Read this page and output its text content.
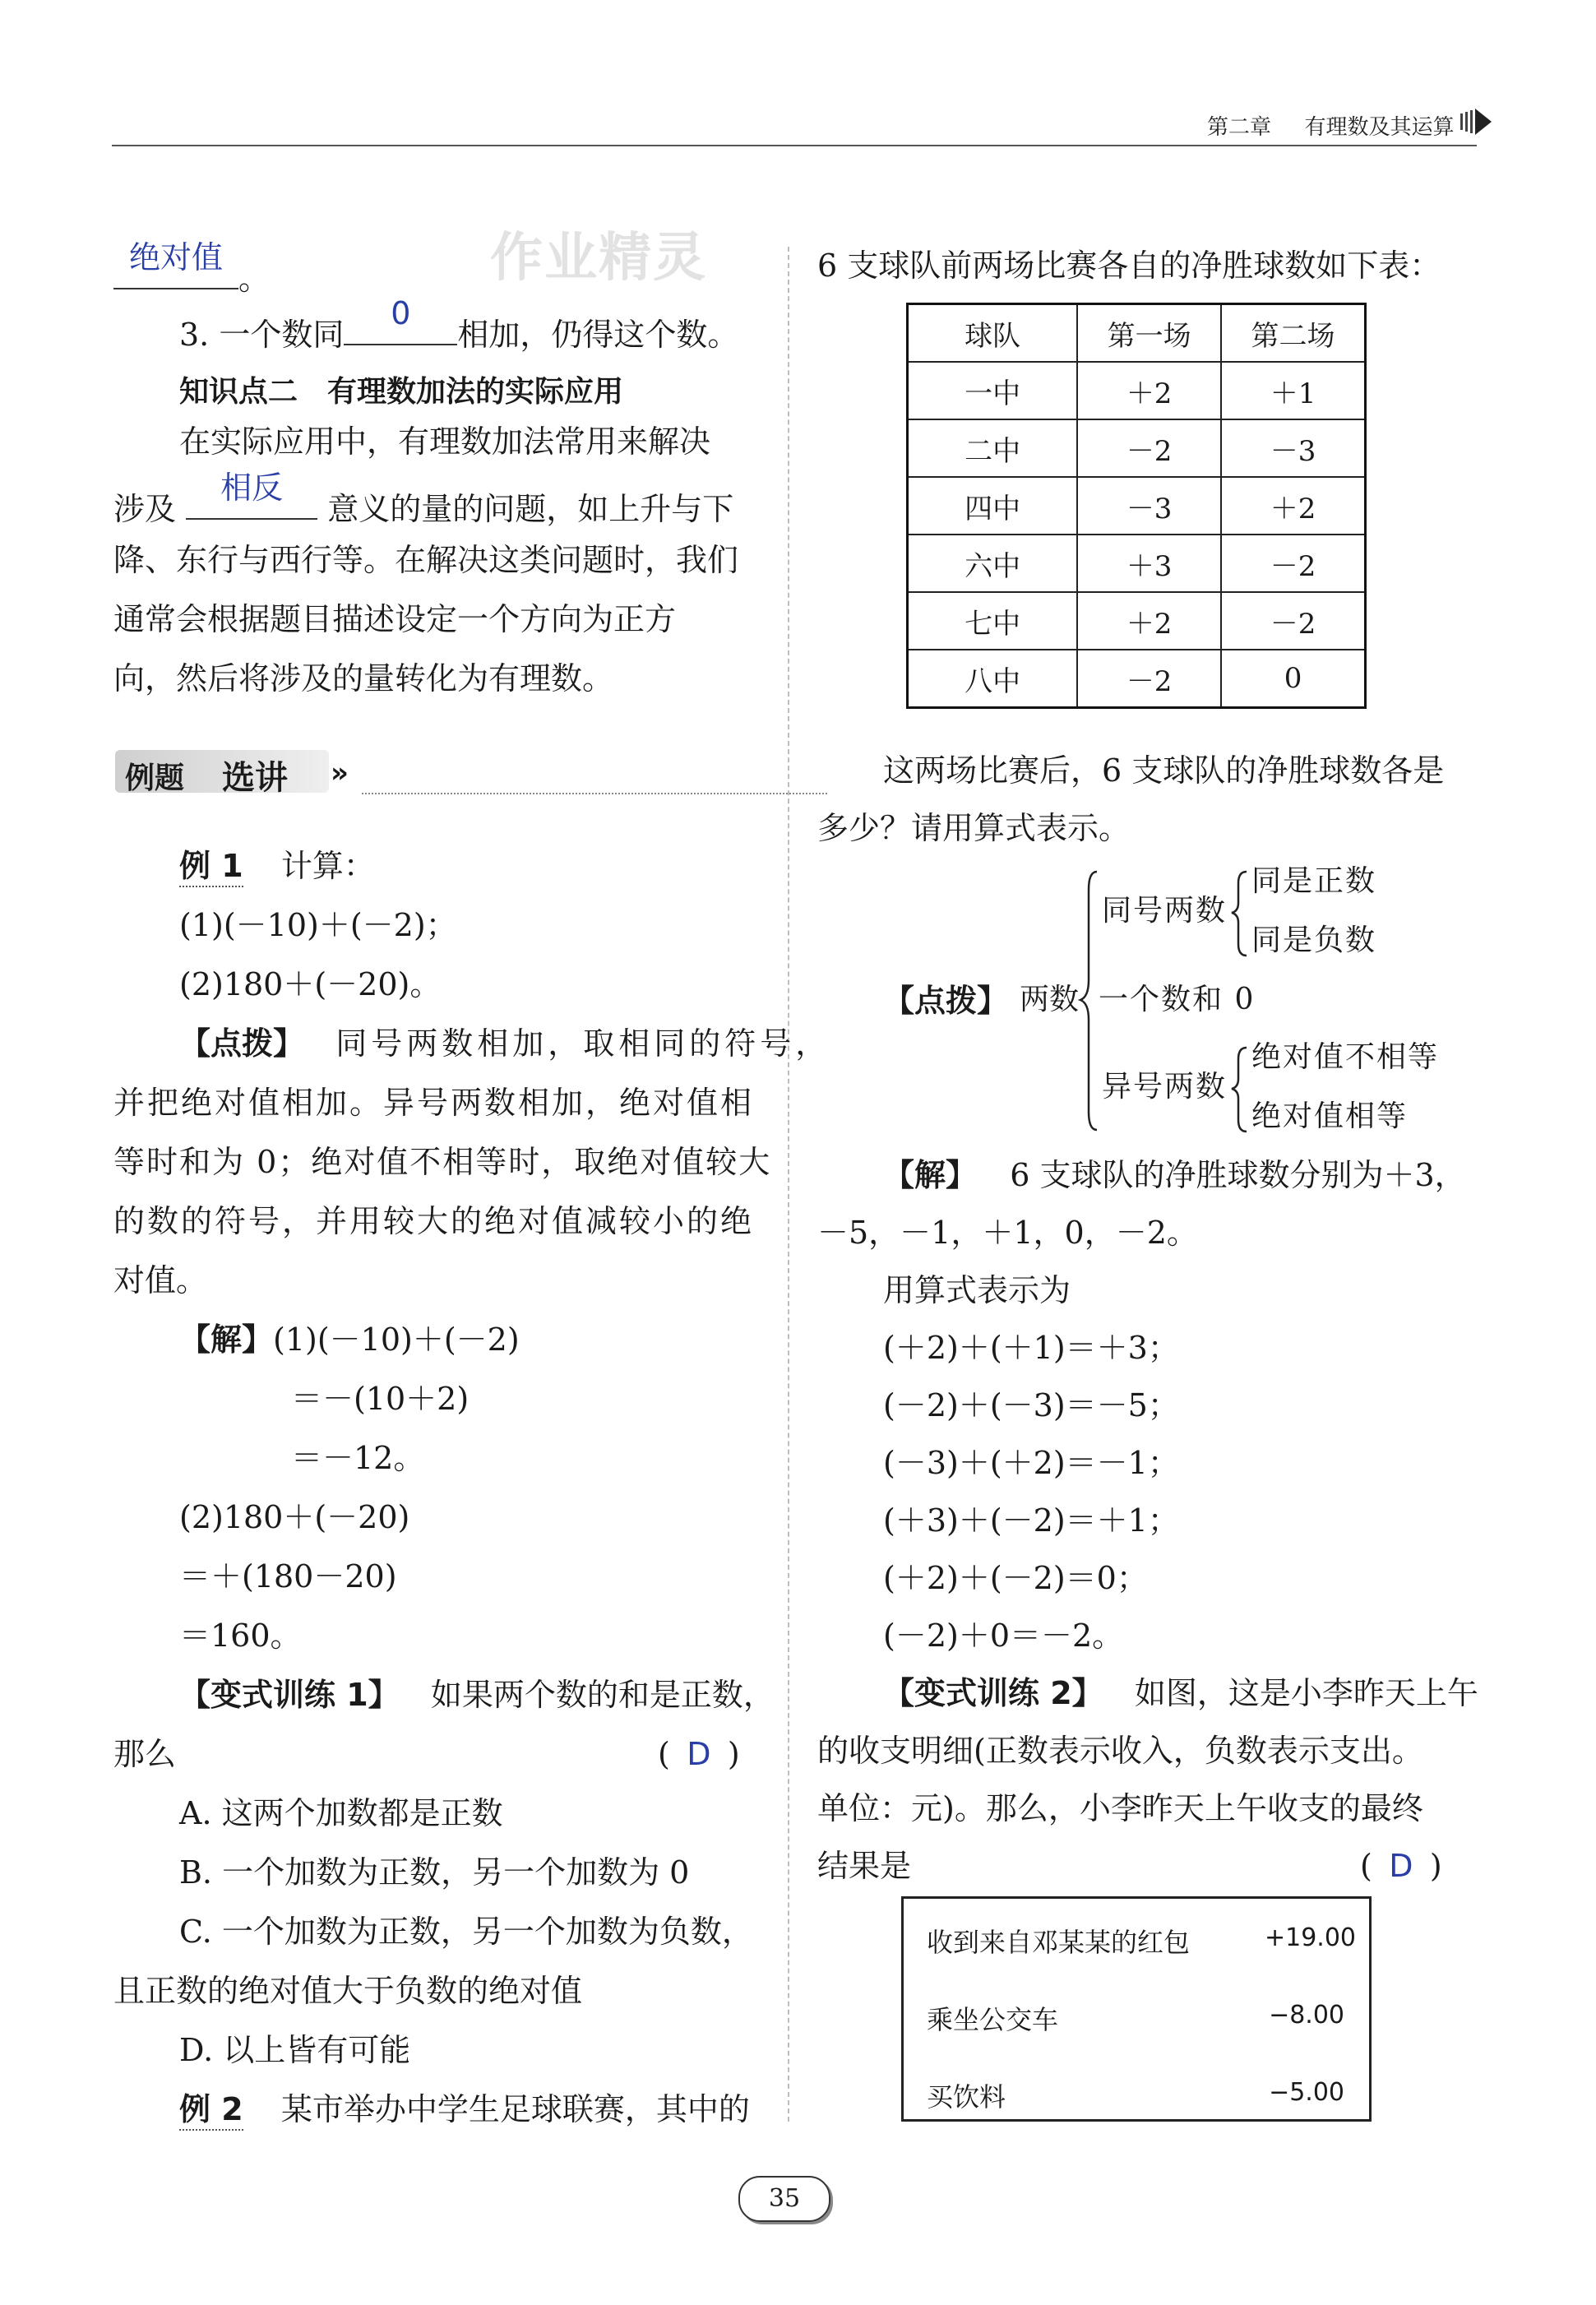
第二章 有理数及其运算
作业精灵
绝对值
。
3. 一个数同
0
相加，仍得这个数。
知识点二　有理数加法的实际应用
在实际应用中，有理数加法常用来解决
涉及
相反
意义的量的问题，如上升与下
降、东行与西行等。在解决这类问题时，我们
通常会根据题目描述设定一个方向为正方
向，然后将涉及的量转化为有理数。
例题 选讲 »
例 1 计算：
(1)(－10)＋(－2)；
(2)180＋(－20)。
【点拨】 同号两数相加，取相同的符号，
并把绝对值相加。异号两数相加，绝对值相
等时和为 0；绝对值不相等时，取绝对值较大
的数的符号，并用较大的绝对值减较小的绝
对值。
【解】(1)(－10)＋(－2)
＝－(10＋2)
＝－12。
(2)180＋(－20)
＝＋(180－20)
＝160。
【变式训练 1】 如果两个数的和是正数，
那么	( D )
A. 这两个加数都是正数
B. 一个加数为正数，另一个加数为 0
C. 一个加数为正数，另一个加数为负数，
且正数的绝对值大于负数的绝对值
D. 以上皆有可能
例 2 某市举办中学生足球联赛，其中的
6 支球队前两场比赛各自的净胜球数如下表：
球队	第一场	第二场
一中	＋2	＋1
二中	－2	－3
四中	－3	＋2
六中	＋3	－2
七中	＋2	－2
八中	－2	0
这两场比赛后，6 支球队的净胜球数各是
多少？请用算式表示。
【点拨】 两数
同号两数
同是正数
同是负数
一个数和 0
异号两数
绝对值不相等
绝对值相等
【解】 6 支球队的净胜球数分别为＋3，
－5，－1，＋1，0，－2。
用算式表示为
(＋2)＋(＋1)＝＋3；
(－2)＋(－3)＝－5；
(－3)＋(＋2)＝－1；
(＋3)＋(－2)＝＋1；
(＋2)＋(－2)＝0；
(－2)＋0＝－2。
【变式训练 2】 如图，这是小李昨天上午
的收支明细(正数表示收入，负数表示支出。
单位：元)。那么，小李昨天上午收支的最终
结果是	( D )
收到来自邓某某的红包	+19.00
乘坐公交车	−8.00
买饮料	−5.00
35
